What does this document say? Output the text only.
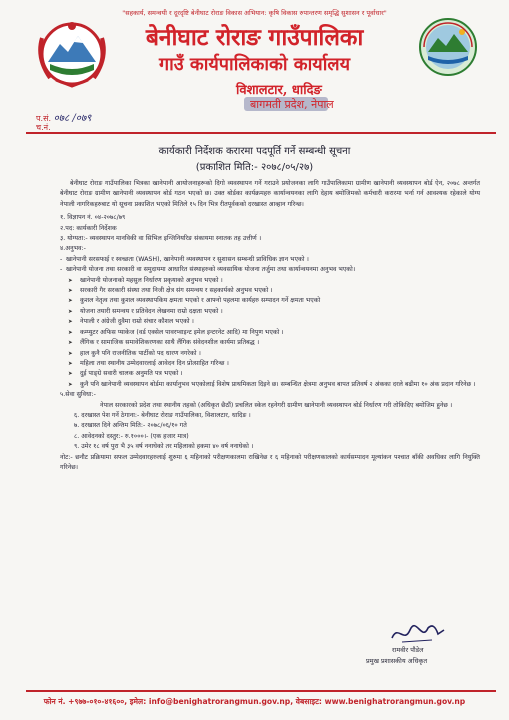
"सहकार्य, समन्वयी र दूरदृष्टि बेनीघाट रोराङ विकास अभियान: कृषि विकास रुपान्तरण समृद्धि सुशासन र पूर्वाधार"
बेनीघाट रोराङ गाउँपालिका
गाउँ कार्यपालिकाको कार्यालय
विशालटार, धादिङ
बागमती प्रदेश, नेपाल
प.सं. ०७८ /०७९
च.नं.
कार्यकारी निर्देशक करारमा पदपूर्ति गर्ने सम्बन्धी सूचना
(प्रकाशित मिति:- २०७८/०५/२७)

बेनीघाट रोराङ गाउँपालिका भित्रका खानेपानी आयोजनाहरूको दिगो व्यवस्थापन गर्ने गराउने प्रयोजनका लागि गाउँपालिकामा ग्रामीण खानेपानी व्यवस्थापन बोर्ड ऐन, २०७८ अन्तर्गत बेनीघाट रोराङ ग्रामीण खानेपानी व्यवस्थापन बोर्ड गठन भएको छ। उक्त बोर्डका कार्यक्रमहरु कार्यान्वयनका लागि देहाय बमोजिमको कर्मचारी करारमा भर्ना गर्न आवश्यक रहेकाले योग्य नेपाली नागरिकहरुबाट यो सूचना प्रकाशित भएको मितिले १५ दिन भित्र रीतपूर्वकको दरखास्त आव्हान गरिन्छ।

१. विज्ञापन नं. ०४-२०७८/७९
२.पद: कार्यकारी निर्देशक
३. योग्यता:- व्यवस्थापन मानविकी वा सिभिल इन्जिनियरिङ संकायमा स्नातक तह उत्तीर्ण ।
४.अनुभव:-
- खानेपानी सरसफाई र स्वच्छता (WASH), खानेपानी व्यवस्थापन र सुशासन सम्बन्धी प्राविधिक ज्ञान भएको ।
- खानेपानी योजना तथा सरकारी वा समुदायमा आधारित संस्थाहरुको व्यवसायिक योजना तर्जुमा तथा कार्यान्वयनमा अनुभव भएको।
➤ खानेपानी योजनाको महसुल निर्धारण प्रकृयाको अनुभव भएको ।
➤ सरकारी गैर सरकारी संस्था तथा निजी क्षेत्र संग समन्वय र सहकार्यको अनुभव भएको ।
➤ कुशल नेतृत्व तथा कुशल व्यवस्थापकिय क्षमता भएको र आफ्नो पहलमा कार्यहरु सम्पादन गर्ने क्षमता भएको
➤ योजना तयारी समन्वय र प्रतिवेदन लेखनमा राम्रो दक्षता भएको ।
➤ नेपाली र अंग्रेजी दुवैमा राम्रो संचार कौशल भएको ।
➤ कम्प्युटर अफिस प्याकेज (वर्ड एक्सेल पावरप्वाइन्ट इमेल इन्टरनेट आदि) मा निपुण भएको ।
➤ लैंगिक र सामाजिक समावेशिकरणका साथै लैंगिक संवेदनशील कार्यमा प्रतिबद्ध ।
➤ हाल कुनै पनि राजनीतिक पार्टीको पद धारण नगरेको ।
➤ महिला तथा स्थानीय उम्मेदवारलाई आवेदन दिन प्रोत्साहित गरिन्छ ।
➤ दुई पाङ्ग्रे सवारी चालक अनुमति पत्र भएको ।
➤ कुनै पनि खानेपानी व्यवस्थापन बोर्डमा कार्यानुभव भएकोलाई विशेष प्राथमिकता दिइने छ। सम्बन्धित क्षेत्रमा अनुभव बापत प्रतिवर्ष २ अंकका दरले बढीमा १० अंक प्रदान गरिनेछ ।
५.सेवा सुविधा:-

नेपाल सरकारको प्रदेश तथा स्थानीय तहको (अधिकृत छैठौं) प्रचलित स्केल रहनेगरी ग्रामीण खानेपानी व्यवस्थापन बोर्ड निर्धारण गरी तोकिदिए बमोजिम हुनेछ ।

६. दरखास्त पेश गर्ने ठेगाना:- बेनीघाट रोराङ गाउँपालिका, विशालटार, धादिङ ।
७. दरखास्त दिने अन्तिम मिति:- २०७८/०६/१० गते
८. आवेदनको दस्तुर:- रु.१०००।- (एक हजार मात्र)
९. उमेर १८ वर्ष पुरा भै ३५ वर्ष ननाघेको तर महिलाको हकमा ४० वर्ष ननाघेको ।

नोट:- छनौट प्रक्रियामा सफल उम्मेदवारहरुलाई शुरुमा ६ महिनाको परीक्षणकालमा राखिनेछ र ६ महिनाको परीक्षणकालको कार्यसम्पादन मूल्यांकन पश्चात बाँकी अवधिका लागि नियुक्ति गरिनेछ।

रामवीर पौडेल
प्रमुख प्रशासकीय अधिकृत
फोन नं. +९७७-०१०-४१६००, इमेल: info@benighatrorangmun.gov.np, वेबसाइट: www.benighatrorangmun.gov.np
